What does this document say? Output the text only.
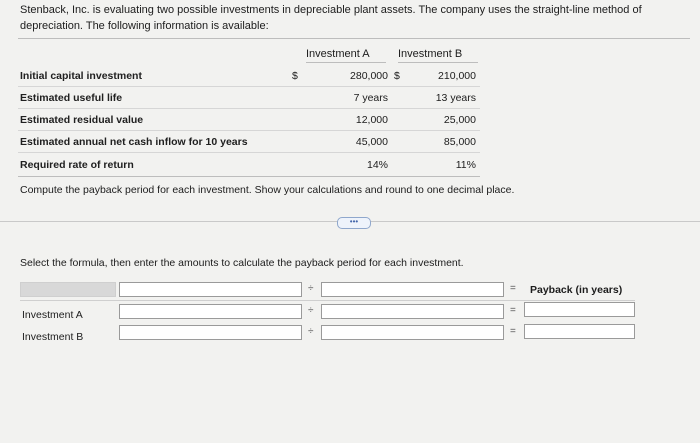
Stenback, Inc. is evaluating two possible investments in depreciable plant assets. The company uses the straight-line method of depreciation. The following information is available:
Investment A	Investment B
Initial capital investment	$	280,000 $	210,000
Estimated useful life	7 years	13 years
Estimated residual value	12,000	25,000
Estimated annual net cash inflow for 10 years	45,000	85,000
Required rate of return	14%	11%
Compute the payback period for each investment. Show your calculations and round to one decimal place.
•••
Select the formula, then enter the amounts to calculate the payback period for each investment.
÷	= Payback (in years)
Investment A	÷	=
Investment B	÷	=
